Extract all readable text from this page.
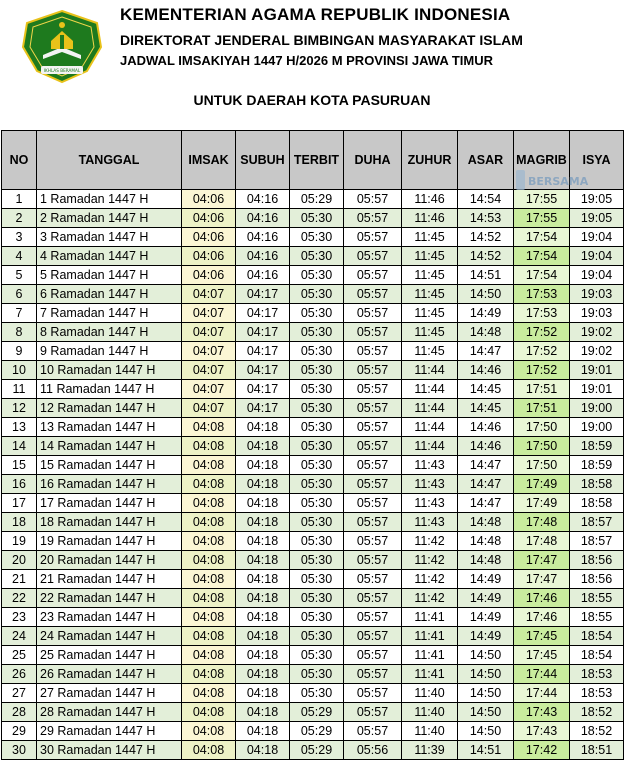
IKHLAS BERAMAL
KEMENTERIAN AGAMA REPUBLIK INDONESIA
DIREKTORAT JENDERAL BIMBINGAN MASYARAKAT ISLAM
JADWAL IMSAKIYAH 1447 H/2026 M PROVINSI JAWA TIMUR
UNTUK DAERAH KOTA PASURUAN
NO	TANGGAL	IMSAK	SUBUH	TERBIT	DUHA	ZUHUR	ASAR	MAGRIB	ISYA
1	1 Ramadan 1447 H	04:06	04:16	05:29	05:57	11:46	14:54	17:55	19:05
2	2 Ramadan 1447 H	04:06	04:16	05:30	05:57	11:46	14:53	17:55	19:05
3	3 Ramadan 1447 H	04:06	04:16	05:30	05:57	11:45	14:52	17:54	19:04
4	4 Ramadan 1447 H	04:06	04:16	05:30	05:57	11:45	14:52	17:54	19:04
5	5 Ramadan 1447 H	04:06	04:16	05:30	05:57	11:45	14:51	17:54	19:04
6	6 Ramadan 1447 H	04:07	04:17	05:30	05:57	11:45	14:50	17:53	19:03
7	7 Ramadan 1447 H	04:07	04:17	05:30	05:57	11:45	14:49	17:53	19:03
8	8 Ramadan 1447 H	04:07	04:17	05:30	05:57	11:45	14:48	17:52	19:02
9	9 Ramadan 1447 H	04:07	04:17	05:30	05:57	11:45	14:47	17:52	19:02
10	10 Ramadan 1447 H	04:07	04:17	05:30	05:57	11:44	14:46	17:52	19:01
11	11 Ramadan 1447 H	04:07	04:17	05:30	05:57	11:44	14:45	17:51	19:01
12	12 Ramadan 1447 H	04:07	04:17	05:30	05:57	11:44	14:45	17:51	19:00
13	13 Ramadan 1447 H	04:08	04:18	05:30	05:57	11:44	14:46	17:50	19:00
14	14 Ramadan 1447 H	04:08	04:18	05:30	05:57	11:44	14:46	17:50	18:59
15	15 Ramadan 1447 H	04:08	04:18	05:30	05:57	11:43	14:47	17:50	18:59
16	16 Ramadan 1447 H	04:08	04:18	05:30	05:57	11:43	14:47	17:49	18:58
17	17 Ramadan 1447 H	04:08	04:18	05:30	05:57	11:43	14:47	17:49	18:58
18	18 Ramadan 1447 H	04:08	04:18	05:30	05:57	11:43	14:48	17:48	18:57
19	19 Ramadan 1447 H	04:08	04:18	05:30	05:57	11:42	14:48	17:48	18:57
20	20 Ramadan 1447 H	04:08	04:18	05:30	05:57	11:42	14:48	17:47	18:56
21	21 Ramadan 1447 H	04:08	04:18	05:30	05:57	11:42	14:49	17:47	18:56
22	22 Ramadan 1447 H	04:08	04:18	05:30	05:57	11:42	14:49	17:46	18:55
23	23 Ramadan 1447 H	04:08	04:18	05:30	05:57	11:41	14:49	17:46	18:55
24	24 Ramadan 1447 H	04:08	04:18	05:30	05:57	11:41	14:49	17:45	18:54
25	25 Ramadan 1447 H	04:08	04:18	05:30	05:57	11:41	14:50	17:45	18:54
26	26 Ramadan 1447 H	04:08	04:18	05:30	05:57	11:41	14:50	17:44	18:53
27	27 Ramadan 1447 H	04:08	04:18	05:30	05:57	11:40	14:50	17:44	18:53
28	28 Ramadan 1447 H	04:08	04:18	05:29	05:57	11:40	14:50	17:43	18:52
29	29 Ramadan 1447 H	04:08	04:18	05:29	05:57	11:40	14:50	17:43	18:52
30	30 Ramadan 1447 H	04:08	04:18	05:29	05:56	11:39	14:51	17:42	18:51
BERSAMA
